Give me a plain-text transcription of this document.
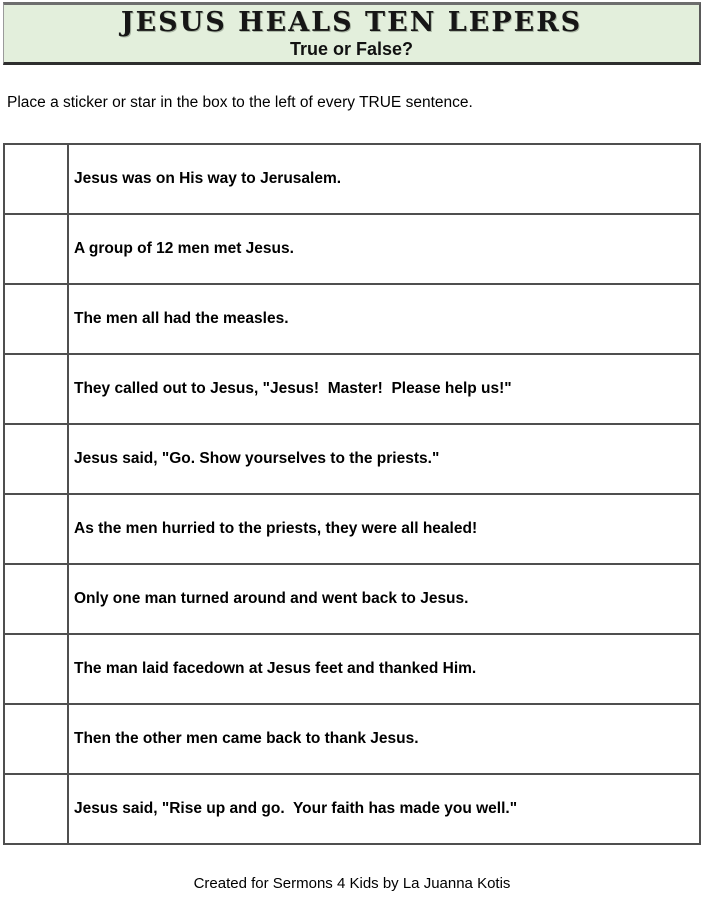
JESUS HEALS TEN LEPERS
True or False?
Place a sticker or star in the box to the left of every TRUE sentence.
	Jesus was on His way to Jerusalem.
	A group of 12 men met Jesus.
	The men all had the measles.
	They called out to Jesus, "Jesus!  Master!  Please help us!"
	Jesus said, "Go. Show yourselves to the priests."
	As the men hurried to the priests, they were all healed!
	Only one man turned around and went back to Jesus.
	The man laid facedown at Jesus feet and thanked Him.
	Then the other men came back to thank Jesus.
	Jesus said, "Rise up and go.  Your faith has made you well."
Created for Sermons 4 Kids by La Juanna Kotis
